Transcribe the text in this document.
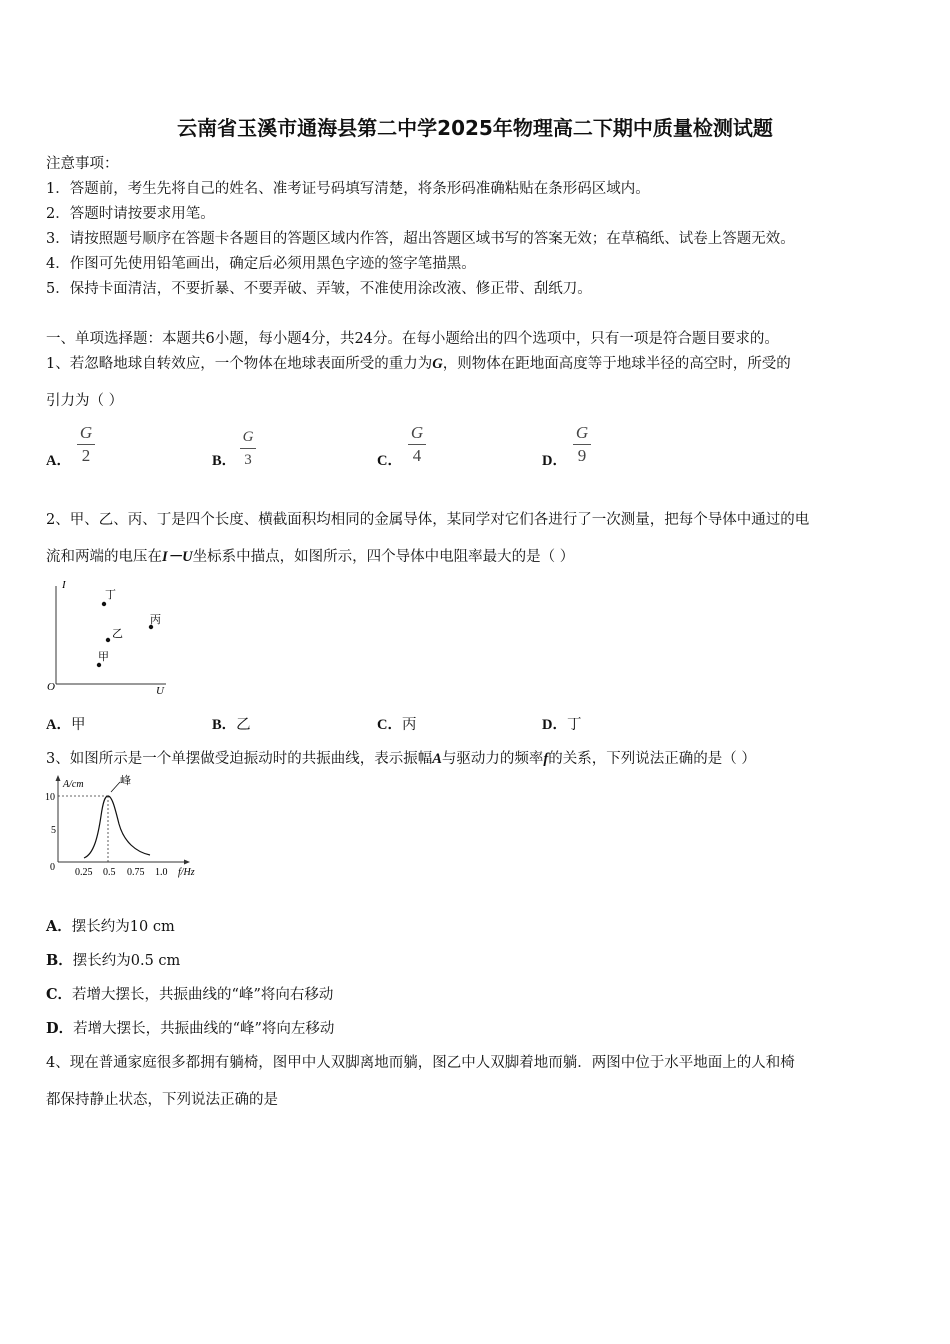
云南省玉溪市通海县第二中学2025年物理高二下期中质量检测试题
注意事项：
1．答题前，考生先将自己的姓名、准考证号码填写清楚，将条形码准确粘贴在条形码区域内。
2．答题时请按要求用笔。
3．请按照题号顺序在答题卡各题目的答题区域内作答，超出答题区域书写的答案无效；在草稿纸、试卷上答题无效。
4．作图可先使用铅笔画出，确定后必须用黑色字迹的签字笔描黑。
5．保持卡面清洁，不要折暴、不要弄破、弄皱，不准使用涂改液、修正带、刮纸刀。
一、单项选择题：本题共6小题，每小题4分，共24分。在每小题给出的四个选项中，只有一项是符合题目要求的。
1、若忽略地球自转效应，一个物体在地球表面所受的重力为G，则物体在距地面高度等于地球半径的高空时，所受的
引力为（ ）
A．
G
2	B．
G
3	C．
G
4	D．
G
9
2、甲、乙、丙、丁是四个长度、横截面积均相同的金属导体，某同学对它们各进行了一次测量，把每个导体中通过的电
流和两端的电压在I－U坐标系中描点，如图所示，四个导体中电阻率最大的是（ ）
I
U
O
丁
乙
丙
甲
A．甲	B．乙	C．丙	D．丁
3、如图所示是一个单摆做受迫振动时的共振曲线，表示振幅A与驱动力的频率f的关系，下列说法正确的是（ ）
A/cm
f/Hz
0
10
5
0.25 0.5 0.75 1.0
峰
A．摆长约为10 cm
B．摆长约为0.5 cm
C．若增大摆长，共振曲线的“峰”将向右移动
D．若增大摆长，共振曲线的“峰”将向左移动
4、现在普通家庭很多都拥有躺椅，图甲中人双脚离地而躺，图乙中人双脚着地而躺．两图中位于水平地面上的人和椅
都保持静止状态，下列说法正确的是
